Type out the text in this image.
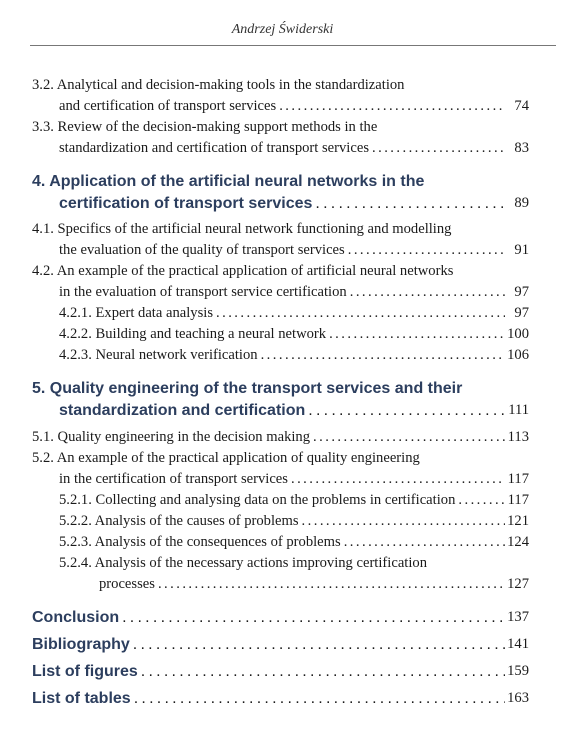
Andrzej Świderski
3.2. Analytical and decision-making tools in the standardization
and certification of transport services . . .	74
3.3. Review of the decision-making support methods in the
standardization and certification of transport services . . .	83
4. Application of the artificial neural networks in the
certification of transport services . . .	89
4.1. Specifics of the artificial neural network functioning and modelling
the evaluation of the quality of transport services . . .	91
4.2. An example of the practical application of artificial neural networks
in the evaluation of transport service certification . . .	97
4.2.1. Expert data analysis . . .	97
4.2.2. Building and teaching a neural network . . .	100
4.2.3. Neural network verification . . .	106
5. Quality engineering of the transport services and their
standardization and certification . . .	111
5.1. Quality engineering in the decision making . . .	113
5.2. An example of the practical application of quality engineering
in the certification of transport services . . .	117
5.2.1. Collecting and analysing data on the problems in certification . . .	117
5.2.2. Analysis of the causes of problems . . .	121
5.2.3. Analysis of the consequences of problems . . .	124
5.2.4. Analysis of the necessary actions improving certification
processes . . .	127
Conclusion . . .	137
Bibliography . . .	141
List of figures . . .	159
List of tables . . .	163
